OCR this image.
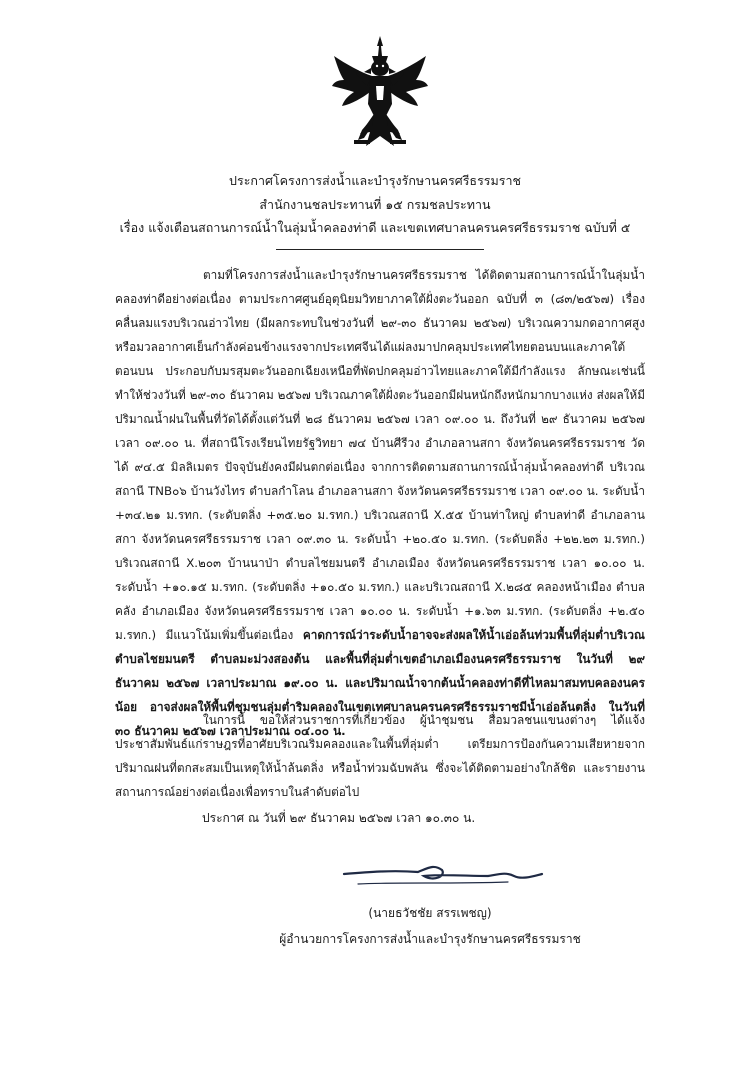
ประกาศโครงการส่งน้ำและบำรุงรักษานครศรีธรรมราช
สำนักงานชลประทานที่ ๑๕ กรมชลประทาน
เรื่อง แจ้งเตือนสถานการณ์น้ำในลุ่มน้ำคลองท่าดี และเขตเทศบาลนครนครศรีธรรมราช ฉบับที่ ๕

ตามที่โครงการส่งน้ำและบำรุงรักษานครศรีธรรมราช ได้ติดตามสถานการณ์น้ำในลุ่มน้ำคลองท่าดีอย่างต่อเนื่อง ตามประกาศศูนย์อุตุนิยมวิทยาภาคใต้ฝั่งตะวันออก ฉบับที่ ๓ (๘๓/๒๕๖๗) เรื่อง คลื่นลมแรงบริเวณอ่าวไทย (มีผลกระทบในช่วงวันที่ ๒๙-๓๐ ธันวาคม ๒๕๖๗) บริเวณความกดอากาศสูงหรือมวลอากาศเย็นกำลังค่อนข้างแรงจากประเทศจีนได้แผ่ลงมาปกคลุมประเทศไทยตอนบนและภาคใต้ตอนบน ประกอบกับมรสุมตะวันออกเฉียงเหนือที่พัดปกคลุมอ่าวไทยและภาคใต้มีกำลังแรง ลักษณะเช่นนี้ทำให้ช่วงวันที่ ๒๙-๓๐ ธันวาคม ๒๕๖๗ บริเวณภาคใต้ฝั่งตะวันออกมีฝนหนักถึงหนักมากบางแห่ง ส่งผลให้มีปริมาณน้ำฝนในพื้นที่วัดได้ตั้งแต่วันที่ ๒๘ ธันวาคม ๒๕๖๗ เวลา ๐๙.๐๐ น. ถึงวันที่ ๒๙ ธันวาคม ๒๕๖๗ เวลา ๐๙.๐๐ น. ที่สถานีโรงเรียนไทยรัฐวิทยา ๗๔ บ้านศีรีวง อำเภอลานสกา จังหวัดนครศรีธรรมราช วัดได้ ๙๔.๕ มิลลิเมตร ปัจจุบันยังคงมีฝนตกต่อเนื่อง จากการติดตามสถานการณ์น้ำลุ่มน้ำคลองท่าดี บริเวณสถานี TNB๐๖ บ้านวังไทร ตำบลกำโลน อำเภอลานสกา จังหวัดนครศรีธรรมราช เวลา ๐๙.๐๐ น. ระดับน้ำ +๓๔.๒๑ ม.รทก. (ระดับตลิ่ง +๓๕.๒๐ ม.รทก.) บริเวณสถานี X.๕๕ บ้านท่าใหญ่ ตำบลท่าดี อำเภอลานสกา จังหวัดนครศรีธรรมราช เวลา ๐๙.๓๐ น. ระดับน้ำ +๒๐.๕๐ ม.รทก. (ระดับตลิ่ง +๒๒.๒๓ ม.รทก.) บริเวณสถานี X.๒๐๓ บ้านนาป่า ตำบลไชยมนตรี อำเภอเมือง จังหวัดนครศรีธรรมราช เวลา ๑๐.๐๐ น. ระดับน้ำ +๑๐.๑๕ ม.รทก. (ระดับตลิ่ง +๑๐.๕๐ ม.รทก.) และบริเวณสถานี X.๒๘๕ คลองหน้าเมือง ตำบลคลัง อำเภอเมือง จังหวัดนครศรีธรรมราช เวลา ๑๐.๐๐ น. ระดับน้ำ +๑.๖๓ ม.รทก. (ระดับตลิ่ง +๒.๕๐ ม.รทก.) มีแนวโน้มเพิ่มขึ้นต่อเนื่อง คาดการณ์ว่าระดับน้ำอาจจะส่งผลให้น้ำเอ่อล้นท่วมพื้นที่ลุ่มต่ำบริเวณตำบลไชยมนตรี ตำบลมะม่วงสองต้น และพื้นที่ลุ่มต่ำเขตอำเภอเมืองนครศรีธรรมราช ในวันที่ ๒๙ ธันวาคม ๒๕๖๗ เวลาประมาณ ๑๙.๐๐ น. และปริมาณน้ำจากต้นน้ำคลองท่าดีที่ไหลมาสมทบคลองนครน้อย อาจส่งผลให้พื้นที่ชุมชนลุ่มต่ำริมคลองในเขตเทศบาลนครนครศรีธรรมราชมีน้ำเอ่อล้นตลิ่ง ในวันที่ ๓๐ ธันวาคม ๒๕๖๗ เวลาประมาณ ๐๔.๐๐ น.

ในการนี้ ขอให้ส่วนราชการที่เกี่ยวข้อง ผู้นำชุมชน สื่อมวลชนแขนงต่างๆ ได้แจ้งประชาสัมพันธ์แก่ราษฎรที่อาศัยบริเวณริมคลองและในพื้นที่ลุ่มต่ำ เตรียมการป้องกันความเสียหายจากปริมาณฝนที่ตกสะสมเป็นเหตุให้น้ำล้นตลิ่ง หรือน้ำท่วมฉับพลัน ซึ่งจะได้ติดตามอย่างใกล้ชิด และรายงานสถานการณ์อย่างต่อเนื่องเพื่อทราบในลำดับต่อไป

ประกาศ ณ วันที่ ๒๙ ธันวาคม ๒๕๖๗ เวลา ๑๐.๓๐ น.
(นายธวัชชัย สรรเพชญ)
ผู้อำนวยการโครงการส่งน้ำและบำรุงรักษานครศรีธรรมราช
